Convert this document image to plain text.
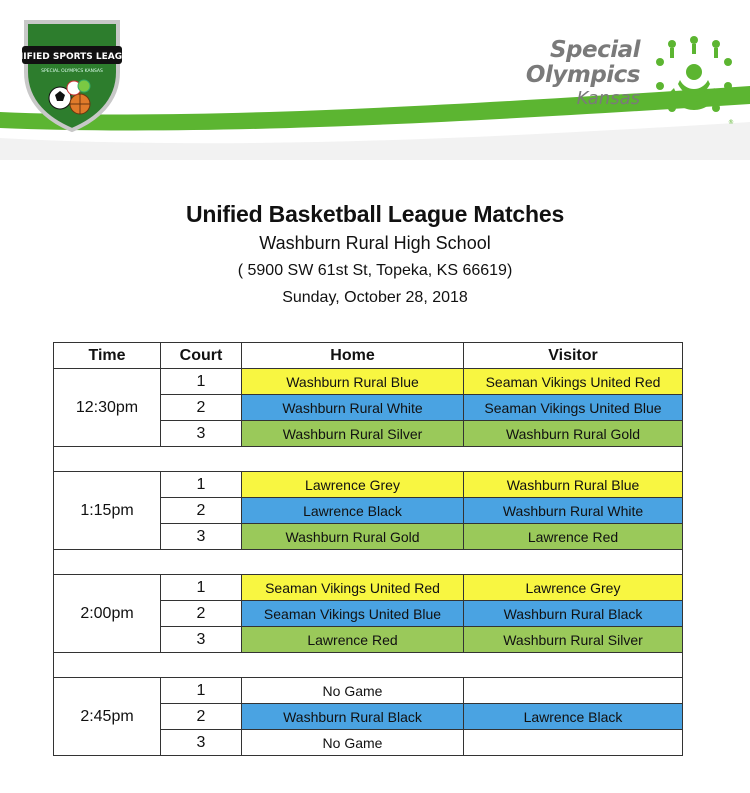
UNIFIED SPORTS LEAGUE
SPECIAL OLYMPICS KANSAS
Special
Olympics
Kansas
®
Unified Basketball League Matches
Washburn Rural High School
( 5900 SW 61st St, Topeka, KS 66619)
Sunday, October 28, 2018
Time	Court	Home	Visitor
12:30pm	1	Washburn Rural Blue	Seaman Vikings United Red
	2	Washburn Rural White	Seaman Vikings United Blue
	3	Washburn Rural Silver	Washburn Rural Gold

1:15pm	1	Lawrence Grey	Washburn Rural Blue
	2	Lawrence Black	Washburn Rural White
	3	Washburn Rural Gold	Lawrence Red

2:00pm	1	Seaman Vikings United Red	Lawrence Grey
	2	Seaman Vikings United Blue	Washburn Rural Black
	3	Lawrence Red	Washburn Rural Silver

2:45pm	1	No Game	
	2	Washburn Rural Black	Lawrence Black
	3	No Game	
